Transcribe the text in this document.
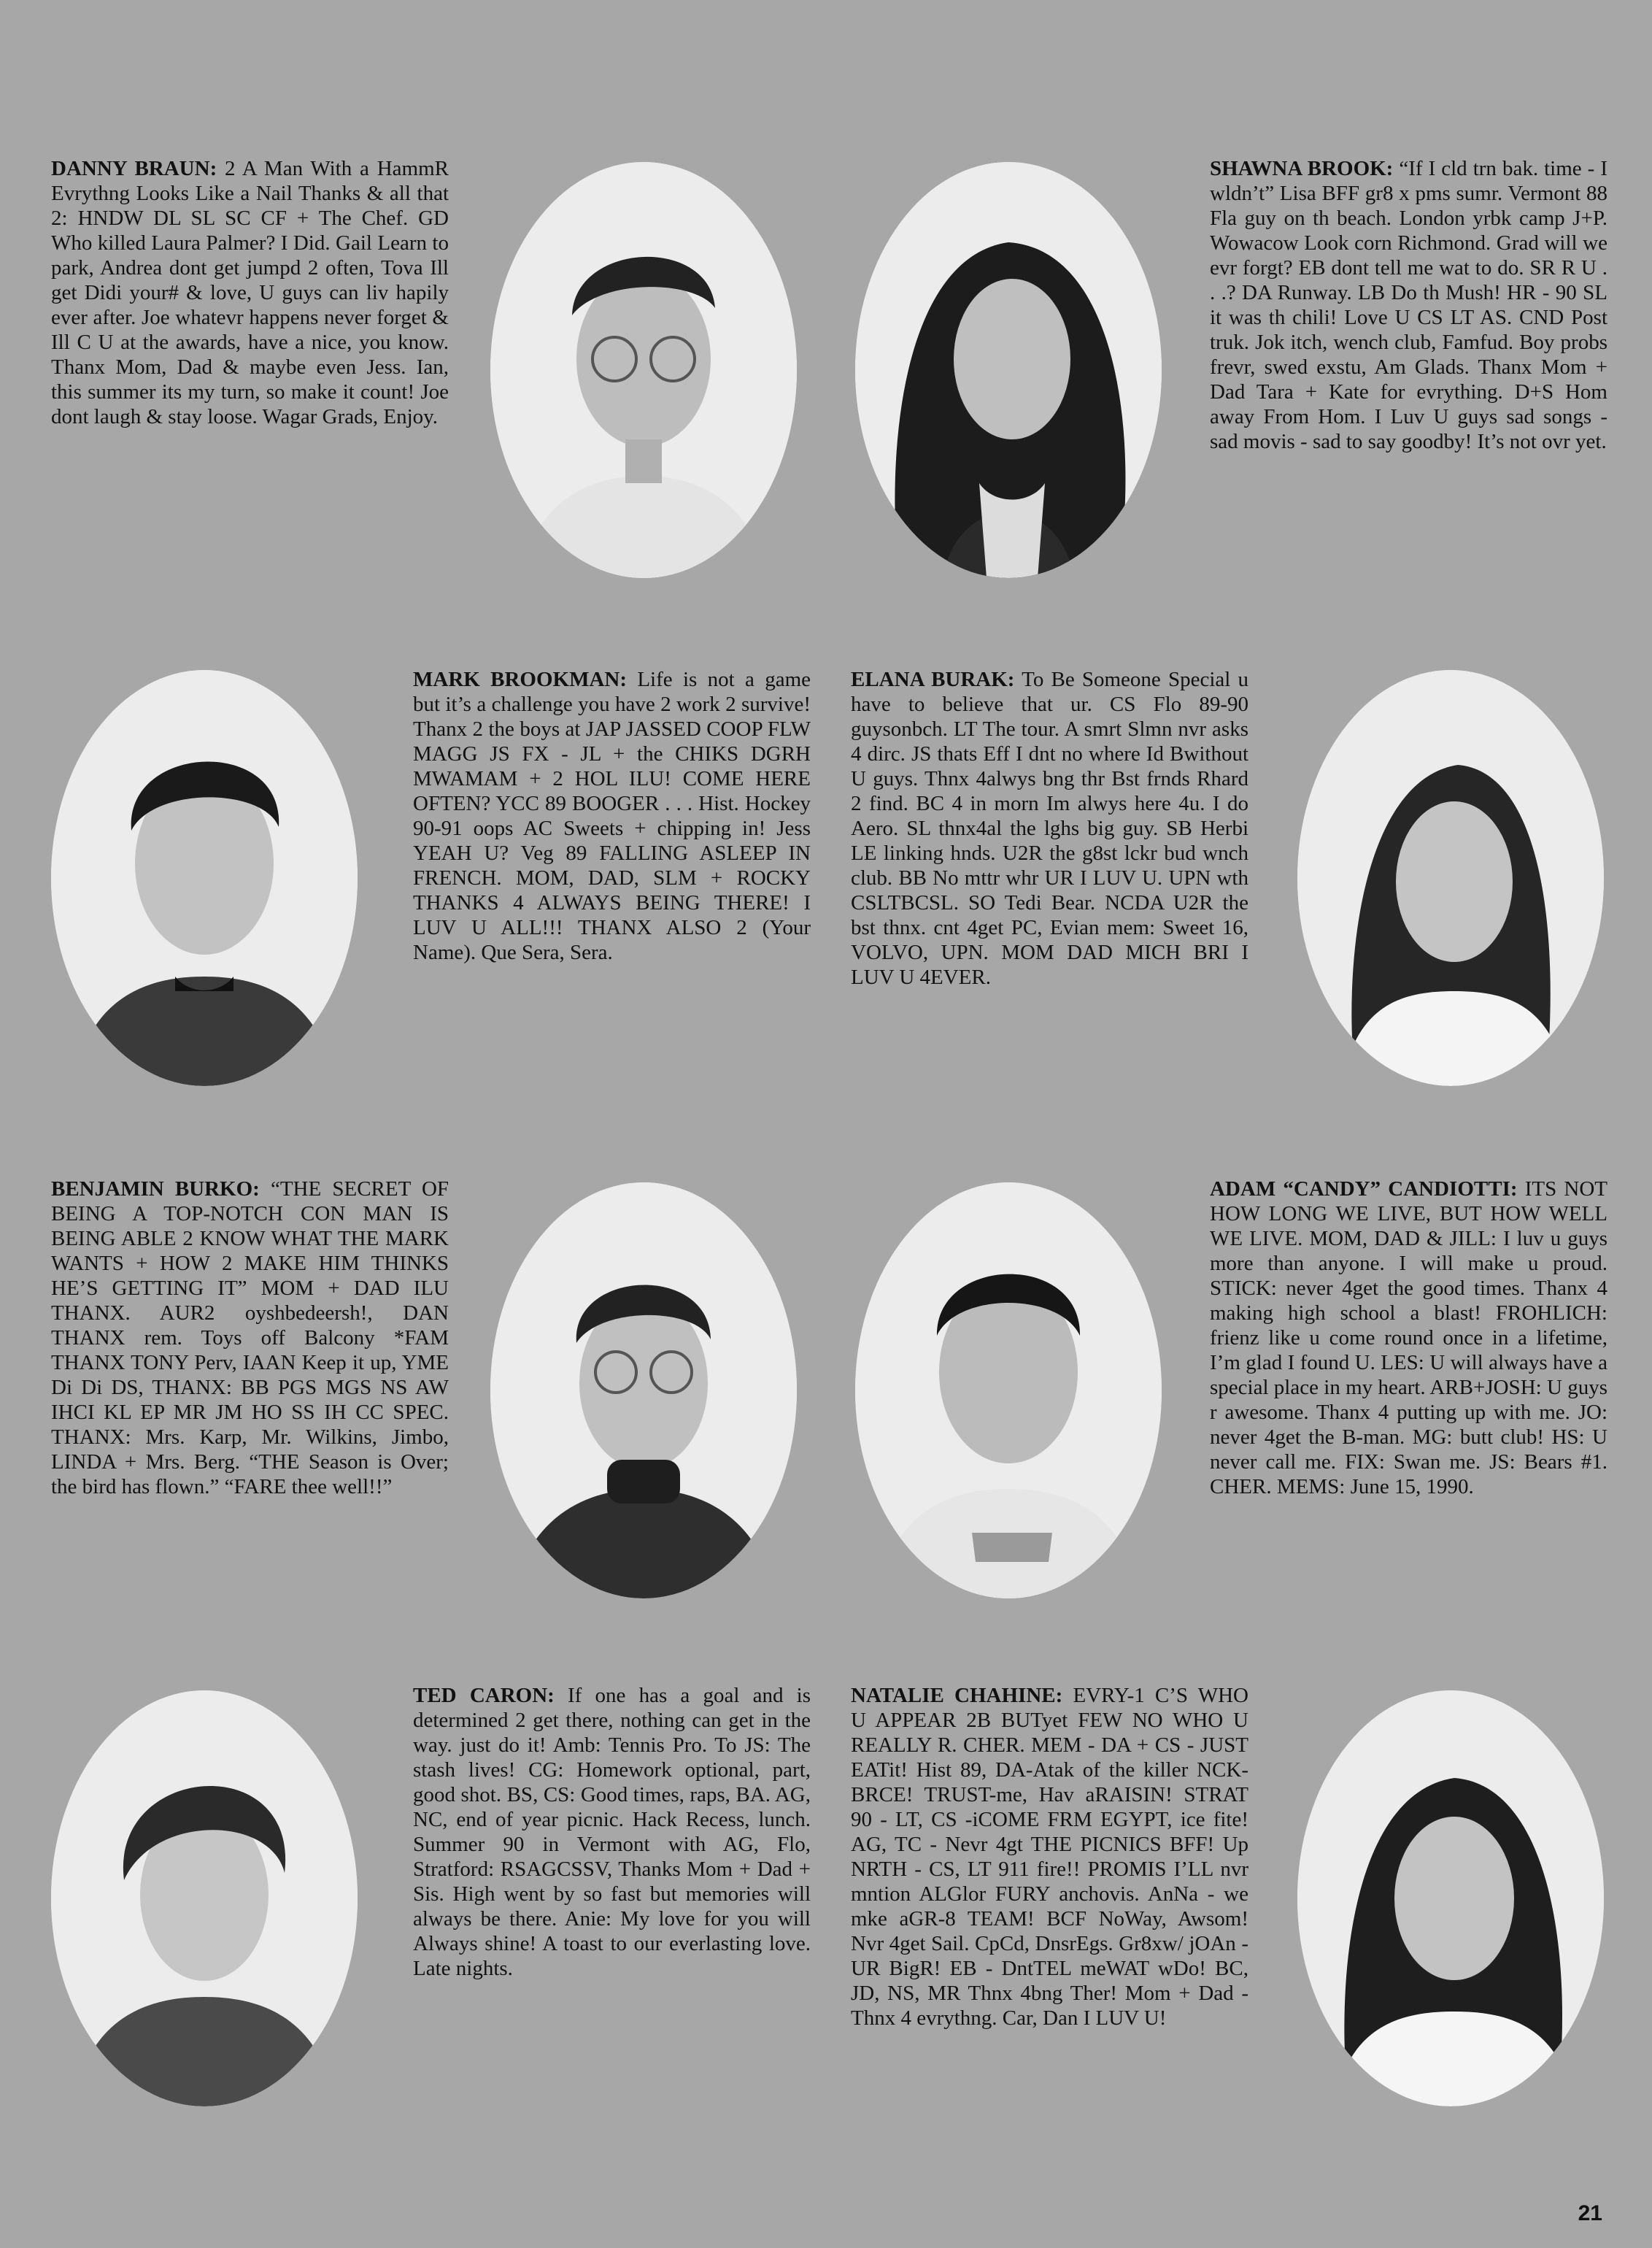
DANNY BRAUN: 2 A Man With a HammR Evrythng Looks Like a Nail Thanks & all that 2: HNDW DL SL SC CF + The Chef. GD Who killed Laura Palmer? I Did. Gail Learn to park, Andrea dont get jumpd 2 often, Tova Ill get Didi your# & love, U guys can liv hapily ever after. Joe whatevr happens never forget & Ill C U at the awards, have a nice, you know. Thanx Mom, Dad & maybe even Jess. Ian, this summer its my turn, so make it count! Joe dont laugh & stay loose. Wagar Grads, Enjoy.

SHAWNA BROOK: “If I cld trn bak. time - I wldn’t” Lisa BFF gr8 x pms sumr. Vermont 88 Fla guy on th beach. London yrbk camp J+P. Wowacow Look corn Richmond. Grad will we evr forgt? EB dont tell me wat to do. SR R U . . .? DA Runway. LB Do th Mush! HR - 90 SL it was th chili! Love U CS LT AS. CND Post truk. Jok itch, wench club, Famfud. Boy probs frevr, swed exstu, Am Glads. Thanx Mom + Dad Tara + Kate for evrything. D+S Hom away From Hom. I Luv U guys sad songs - sad movis - sad to say goodby! It’s not ovr yet.

MARK BROOKMAN: Life is not a game but it’s a challenge you have 2 work 2 survive! Thanx 2 the boys at JAP JASSED COOP FLW MAGG JS FX - JL + the CHIKS DGRH MWAMAM + 2 HOL ILU! COME HERE OFTEN? YCC 89 BOOGER . . . Hist. Hockey 90-91 oops AC Sweets + chipping in! Jess YEAH U? Veg 89 FALLING ASLEEP IN FRENCH. MOM, DAD, SLM + ROCKY THANKS 4 ALWAYS BEING THERE! I LUV U ALL!!! THANX ALSO 2 (Your Name). Que Sera, Sera.

ELANA BURAK: To Be Someone Special u have to believe that ur. CS Flo 89-90 guysonbch. LT The tour. A smrt Slmn nvr asks 4 dirc. JS thats Eff I dnt no where Id Bwithout U guys. Thnx 4alwys bng thr Bst frnds Rhard 2 find. BC 4 in morn Im alwys here 4u. I do Aero. SL thnx4al the lghs big guy. SB Herbi LE linking hnds. U2R the g8st lckr bud wnch club. BB No mttr whr UR I LUV U. UPN wth CSLTBCSL. SO Tedi Bear. NCDA U2R the bst thnx. cnt 4get PC, Evian mem: Sweet 16, VOLVO, UPN. MOM DAD MICH BRI I LUV U 4EVER.

BENJAMIN BURKO: “THE SECRET OF BEING A TOP-NOTCH CON MAN IS BEING ABLE 2 KNOW WHAT THE MARK WANTS + HOW 2 MAKE HIM THINKS HE’S GETTING IT” MOM + DAD ILU THANX. AUR2 oyshbedeersh!, DAN THANX rem. Toys off Balcony *FAM THANX TONY Perv, IAAN Keep it up, YME Di Di DS, THANX: BB PGS MGS NS AW IHCI KL EP MR JM HO SS IH CC SPEC. THANX: Mrs. Karp, Mr. Wilkins, Jimbo, LINDA + Mrs. Berg. “THE Season is Over; the bird has flown.” “FARE thee well!!”

ADAM “CANDY” CANDIOTTI: ITS NOT HOW LONG WE LIVE, BUT HOW WELL WE LIVE. MOM, DAD & JILL: I luv u guys more than anyone. I will make u proud. STICK: never 4get the good times. Thanx 4 making high school a blast! FROHLICH: frienz like u come round once in a lifetime, I’m glad I found U. LES: U will always have a special place in my heart. ARB+JOSH: U guys r awesome. Thanx 4 putting up with me. JO: never 4get the B-man. MG: butt club! HS: U never call me. FIX: Swan me. JS: Bears #1. CHER. MEMS: June 15, 1990.

TED CARON: If one has a goal and is determined 2 get there, nothing can get in the way. just do it! Amb: Tennis Pro. To JS: The stash lives! CG: Homework optional, part, good shot. BS, CS: Good times, raps, BA. AG, NC, end of year picnic. Hack Recess, lunch. Summer 90 in Vermont with AG, Flo, Stratford: RSAGCSSV, Thanks Mom + Dad + Sis. High went by so fast but memories will always be there. Anie: My love for you will Always shine! A toast to our everlasting love. Late nights.

NATALIE CHAHINE: EVRY-1 C’S WHO U APPEAR 2B BUTyet FEW NO WHO U REALLY R. CHER. MEM - DA + CS - JUST EATit! Hist 89, DA-Atak of the killer NCK-BRCE! TRUST-me, Hav aRAISIN! STRAT 90 - LT, CS -iCOME FRM EGYPT, ice fite! AG, TC - Nevr 4gt THE PICNICS BFF! Up NRTH - CS, LT 911 fire!! PROMIS I’LL nvr mntion ALGlor FURY anchovis. AnNa - we mke aGR-8 TEAM! BCF NoWay, Awsom! Nvr 4get Sail. CpCd, DnsrEgs. Gr8xw/ jOAn - UR BigR! EB - DntTEL meWAT wDo! BC, JD, NS, MR Thnx 4bng Ther! Mom + Dad - Thnx 4 evrythng. Car, Dan I LUV U!

21
